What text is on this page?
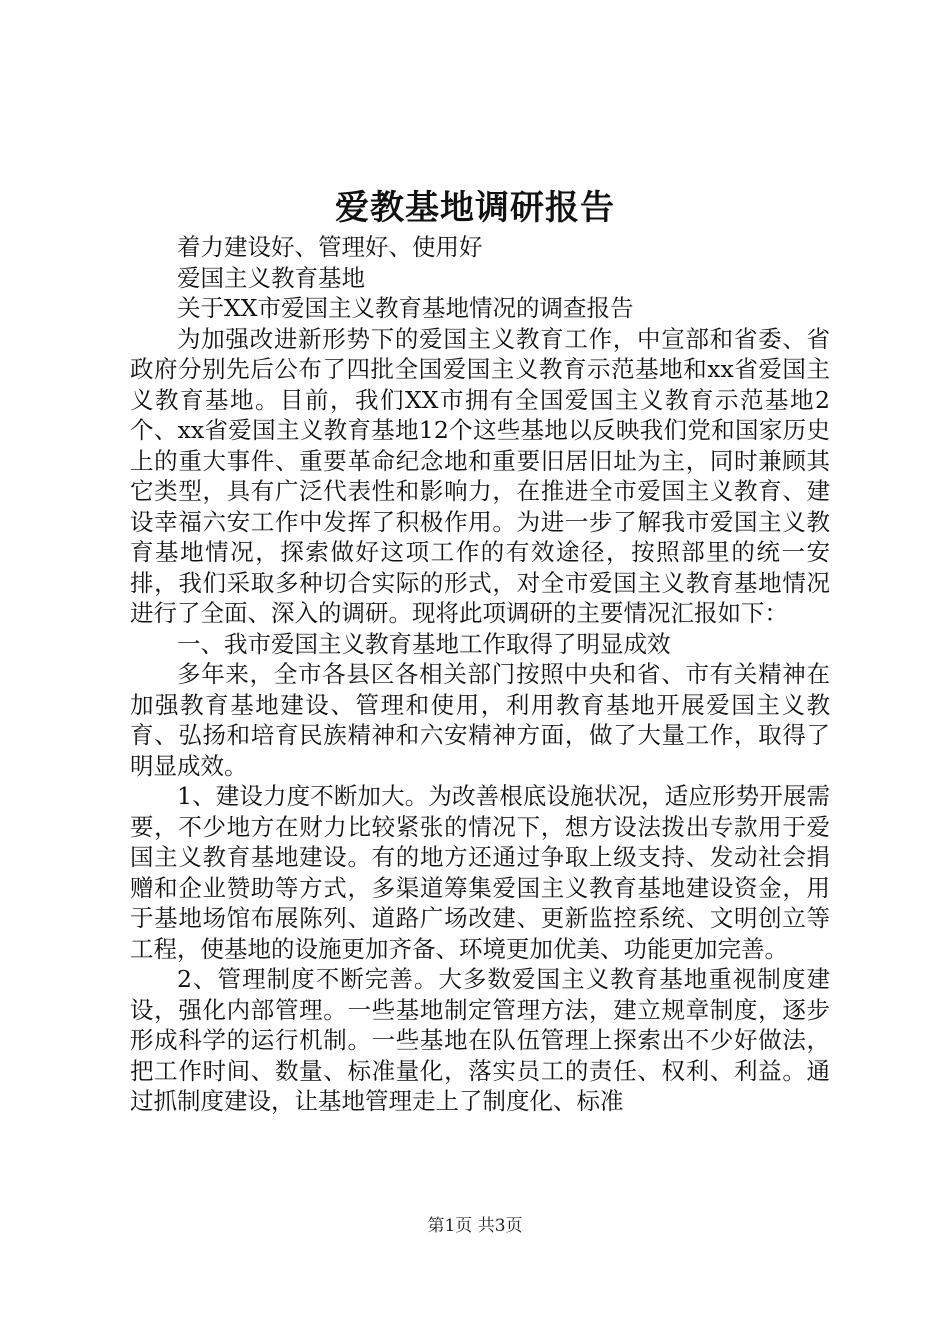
爱教基地调研报告

着力建设好、管理好、使用好

爱国主义教育基地

关于XX市爱国主义教育基地情况的调查报告

为加强改进新形势下的爱国主义教育工作，中宣部和省委、省政府分别先后公布了四批全国爱国主义教育示范基地和xx省爱国主义教育基地。目前，我们XX市拥有全国爱国主义教育示范基地2个、xx省爱国主义教育基地12个这些基地以反映我们党和国家历史上的重大事件、重要革命纪念地和重要旧居旧址为主，同时兼顾其它类型，具有广泛代表性和影响力，在推进全市爱国主义教育、建设幸福六安工作中发挥了积极作用。为进一步了解我市爱国主义教育基地情况，探索做好这项工作的有效途径，按照部里的统一安排，我们采取多种切合实际的形式，对全市爱国主义教育基地情况进行了全面、深入的调研。现将此项调研的主要情况汇报如下：

一、我市爱国主义教育基地工作取得了明显成效

多年来，全市各县区各相关部门按照中央和省、市有关精神在加强教育基地建设、管理和使用，利用教育基地开展爱国主义教育、弘扬和培育民族精神和六安精神方面，做了大量工作，取得了明显成效。

1、建设力度不断加大。为改善根底设施状况，适应形势开展需要，不少地方在财力比较紧张的情况下，想方设法拨出专款用于爱国主义教育基地建设。有的地方还通过争取上级支持、发动社会捐赠和企业赞助等方式，多渠道筹集爱国主义教育基地建设资金，用于基地场馆布展陈列、道路广场改建、更新监控系统、文明创立等工程，使基地的设施更加齐备、环境更加优美、功能更加完善。

2、管理制度不断完善。大多数爱国主义教育基地重视制度建设，强化内部管理。一些基地制定管理方法，建立规章制度，逐步形成科学的运行机制。一些基地在队伍管理上探索出不少好做法，把工作时间、数量、标准量化，落实员工的责任、权利、利益。通过抓制度建设，让基地管理走上了制度化、标准

第1页 共3页
